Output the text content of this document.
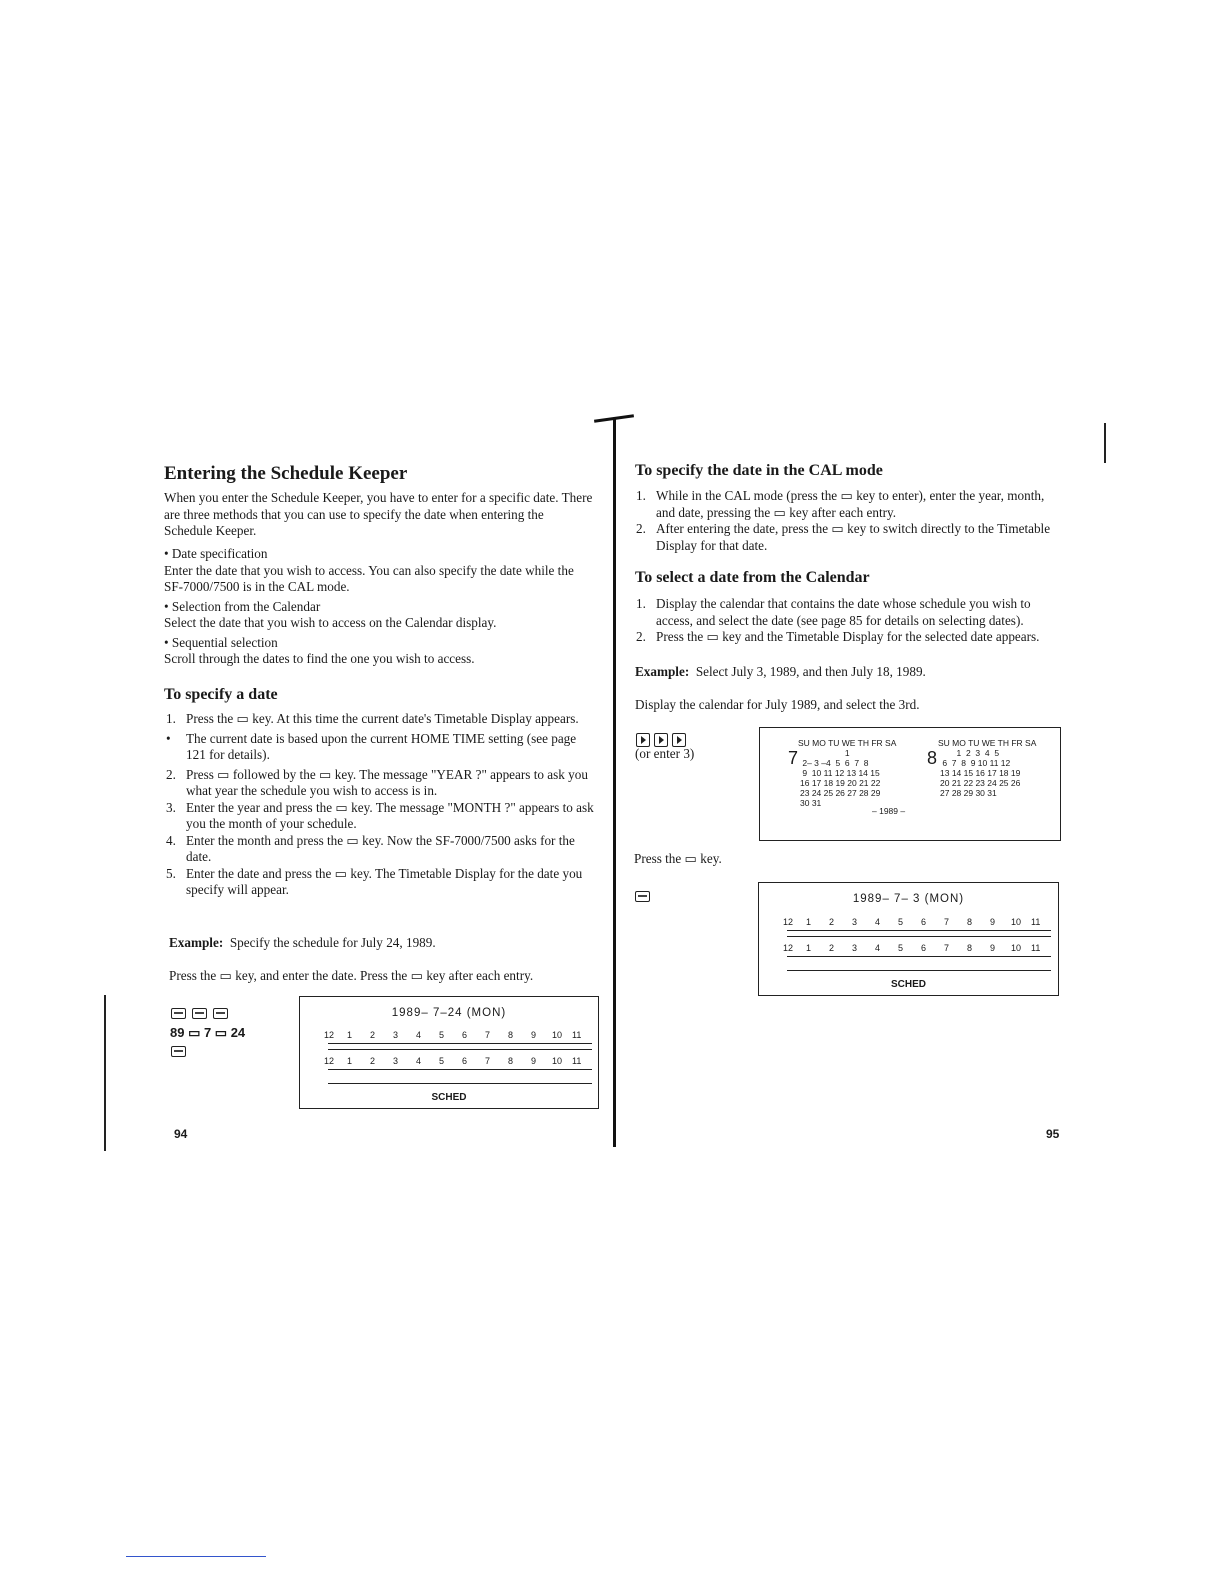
Entering the Schedule Keeper
When you enter the Schedule Keeper, you have to enter for a specific date. There are three methods that you can use to specify the date when entering the Schedule Keeper.
• Date specification
Enter the date that you wish to access. You can also specify the date while the SF-7000/7500 is in the CAL mode.
• Selection from the Calendar
Select the date that you wish to access on the Calendar display.
• Sequential selection
Scroll through the dates to find the one you wish to access.
To specify a date
1. Press the ▭ key. At this time the current date's Timetable Display appears.
• The current date is based upon the current HOME TIME setting (see page 121 for details).
2. Press ▭ followed by the ▭ key. The message "YEAR ?" appears to ask you what year the schedule you wish to access is in.
3. Enter the year and press the ▭ key. The message "MONTH ?" appears to ask you the month of your schedule.
4. Enter the month and press the ▭ key. Now the SF-7000/7500 asks for the date.
5. Enter the date and press the ▭ key. The Timetable Display for the date you specify will appear.
Example: Specify the schedule for July 24, 1989.
Press the ▭ key, and enter the date. Press the ▭ key after each entry.

89 ▭ 7 ▭ 24
1989– 7–24 (MON)
12 1 2 3 4 5 6 7 8 9 10 11
12 1 2 3 4 5 6 7 8 9 10 11
SCHED
94
To specify the date in the CAL mode
1. While in the CAL mode (press the ▭ key to enter), enter the year, month, and date, pressing the ▭ key after each entry.
2. After entering the date, press the ▭ key to switch directly to the Timetable Display for that date.
To select a date from the Calendar
1. Display the calendar that contains the date whose schedule you wish to access, and select the date (see page 85 for details on selecting dates).
2. Press the ▭ key and the Timetable Display for the selected date appears.
Example: Select July 3, 1989, and then July 18, 1989.
Display the calendar for July 1989, and select the 3rd.
(or enter 3)
SU MO TU WE TH FR SA
7	1
2– 3 –4  5  6  7  8
9  10 11 12 13 14 15
16 17 18 19 20 21 22
23 24 25 26 27 28 29
30 31
– 1989 –
SU MO TU WE TH FR SA
8	1  2  3  4  5
6  7  8  9 10 11 12
13 14 15 16 17 18 19
20 21 22 23 24 25 26
27 28 29 30 31
Press the ▭ key.
1989– 7– 3 (MON)
12 1 2 3 4 5 6 7 8 9 10 11
12 1 2 3 4 5 6 7 8 9 10 11
SCHED
95
